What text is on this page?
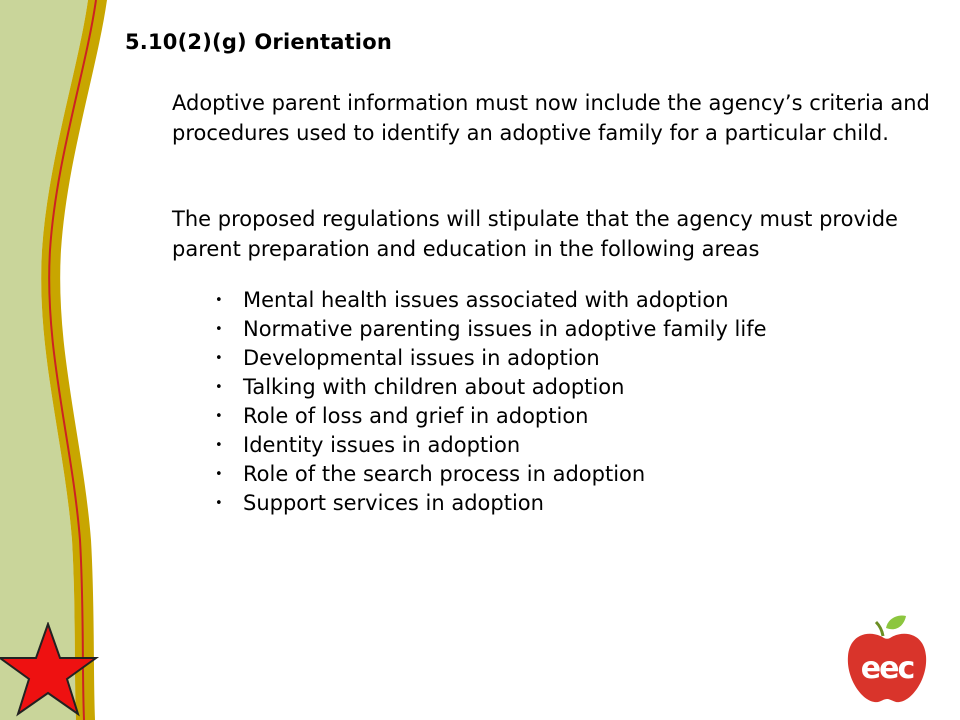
5.10(2)(g) Orientation

Adoptive parent information must now include the agency’s criteria and procedures used to identify an adoptive family for a particular child.

The proposed regulations will stipulate that the agency must provide parent preparation and education in the following areas

• Mental health issues associated with adoption
• Normative parenting issues in adoptive family life
• Developmental issues in adoption
• Talking with children about adoption
• Role of loss and grief in adoption
• Identity issues in adoption
• Role of the search process in adoption
• Support services in adoption
eec
